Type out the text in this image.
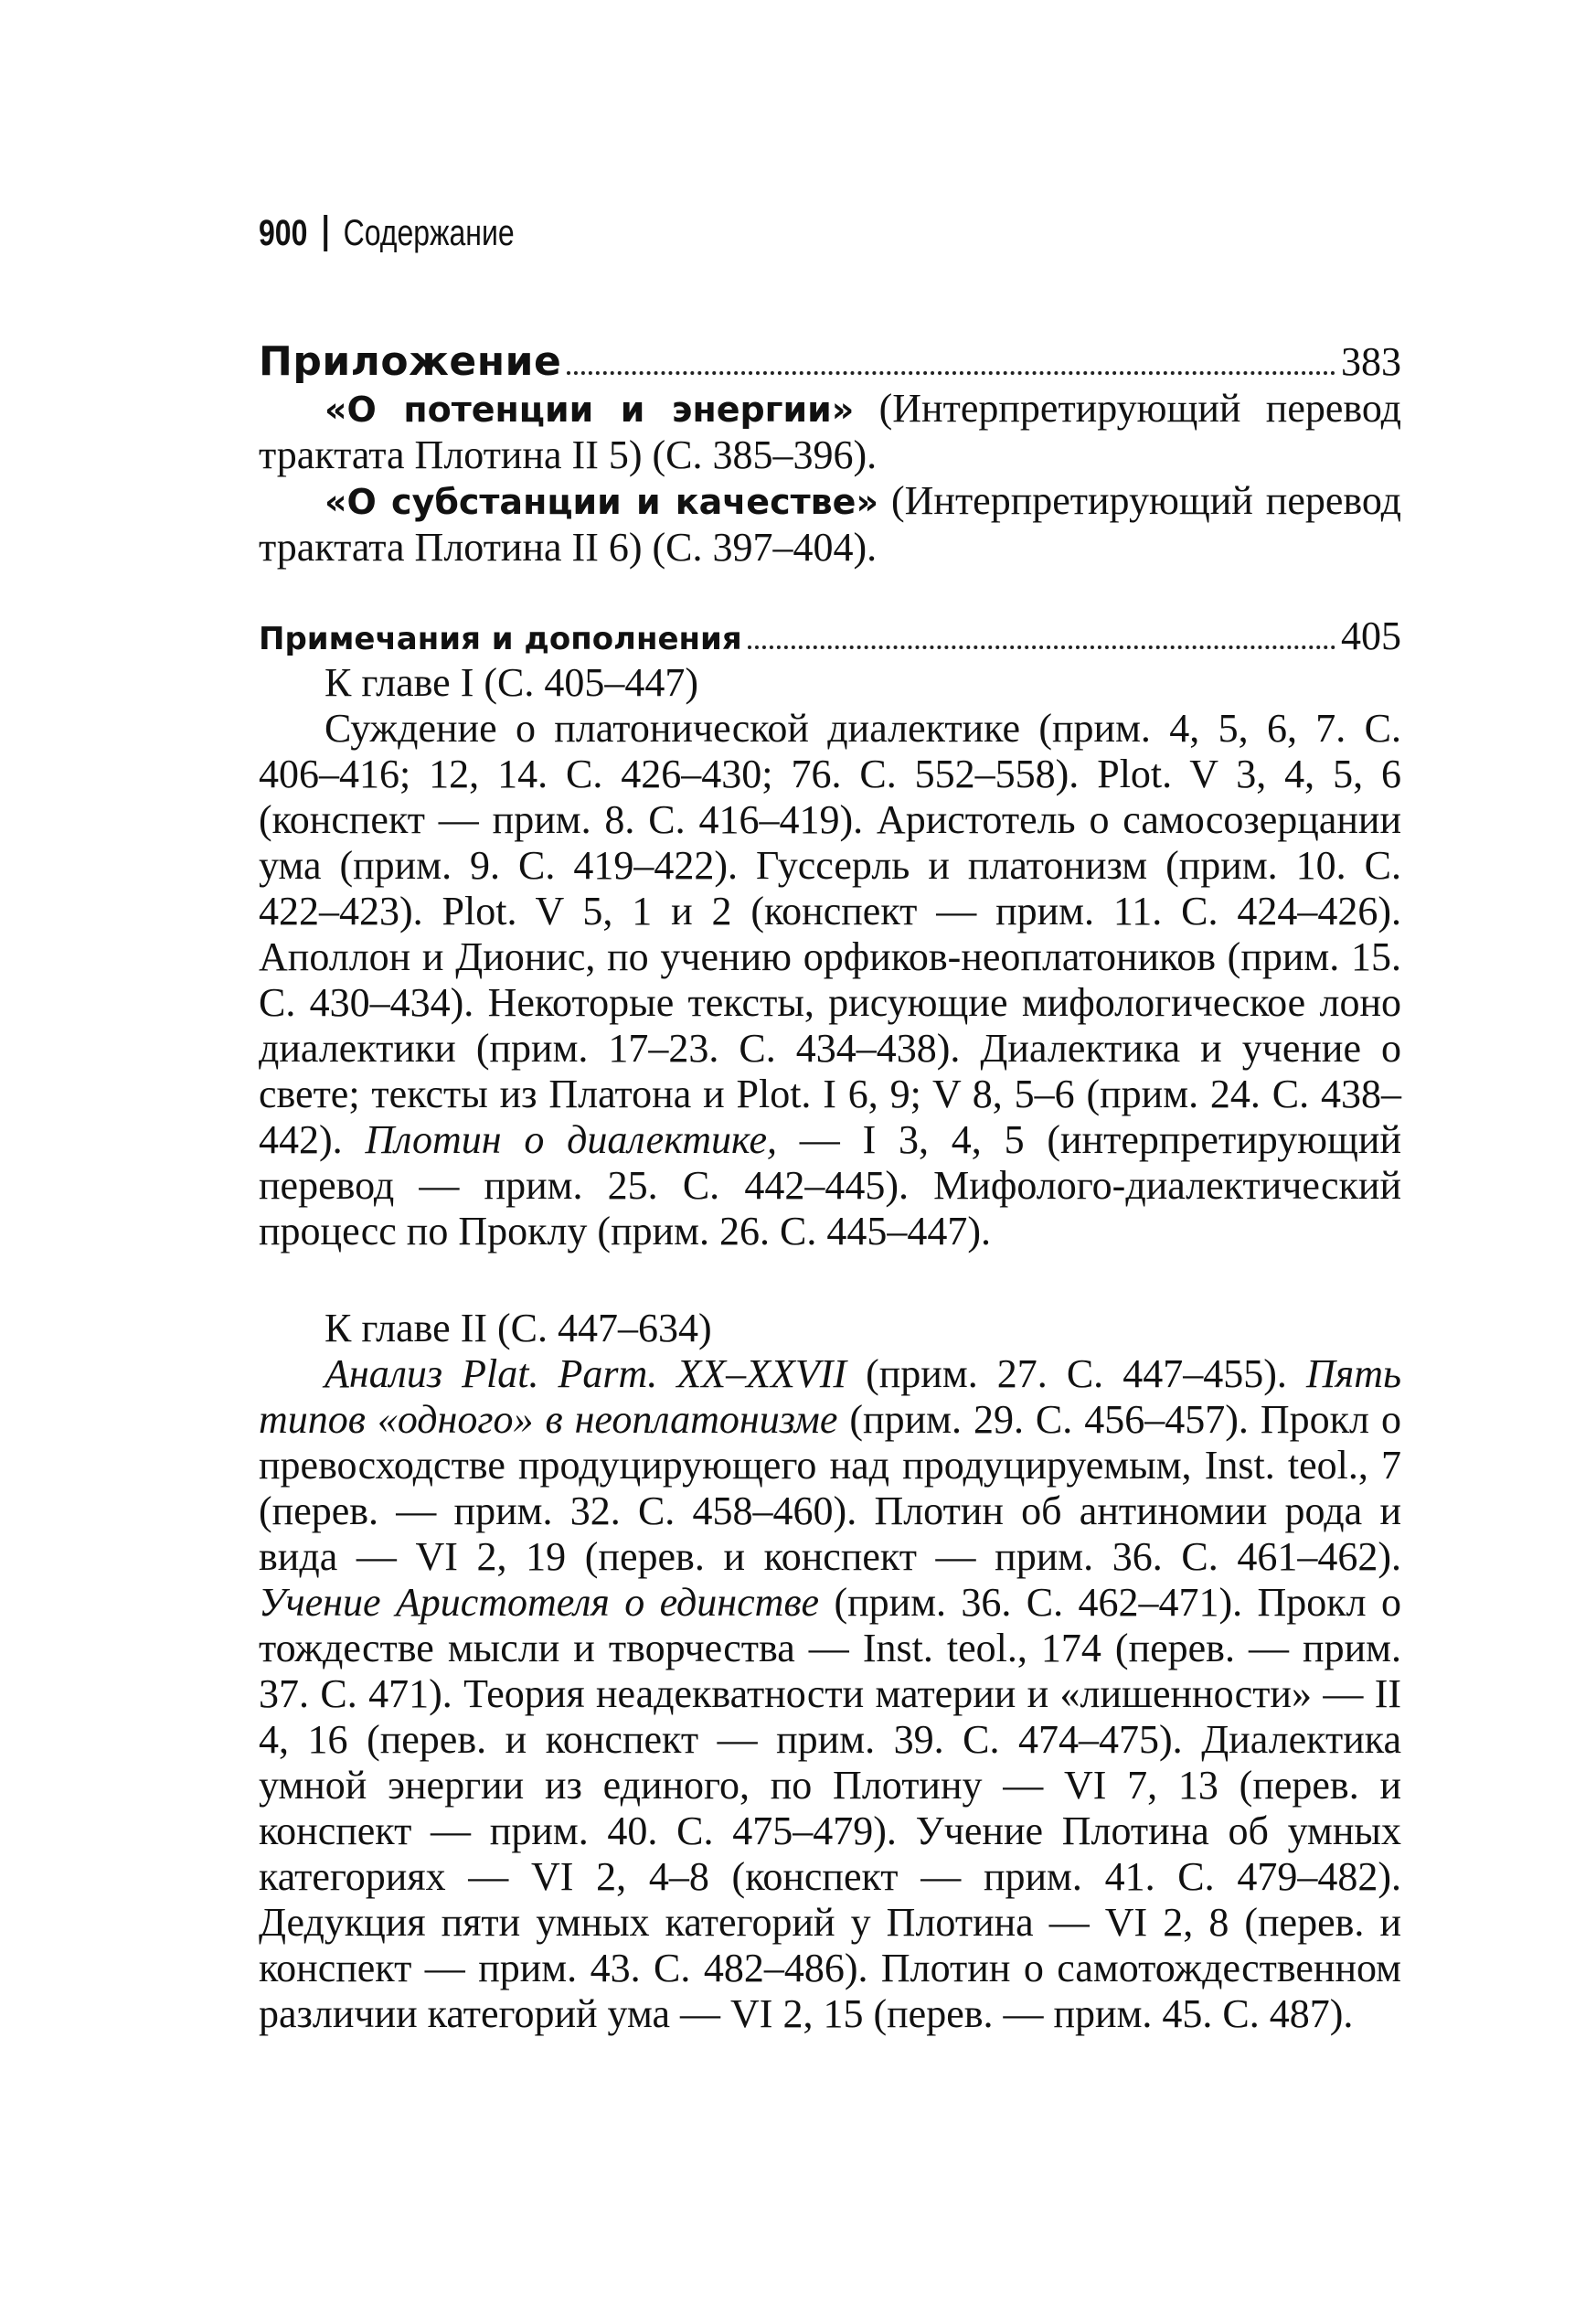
900 Содержание
Приложение	383
«О потенции и энергии» (Интерпретирующий перевод трактата Плотина II 5) (С. 385–396).
«О субстанции и качестве» (Интерпретирующий перевод трактата Плотина II 6) (С. 397–404).
Примечания и дополнения	405
К главе I (С. 405–447)
Суждение о платонической диалектике (прим. 4, 5, 6, 7. С. 406–416; 12, 14. С. 426–430; 76. С. 552–558). Plot. V 3, 4, 5, 6 (конспект — прим. 8. С. 416–419). Аристотель о самосозерцании ума (прим. 9. С. 419–422). Гуссерль и платонизм (прим. 10. С. 422–423). Plot. V 5, 1 и 2 (конспект — прим. 11. С. 424–426). Аполлон и Дионис, по учению орфиков-неоплатоников (прим. 15. С. 430–434). Некоторые тексты, рисующие мифологическое лоно диалектики (прим. 17–23. С. 434–438). Диалектика и учение о свете; тексты из Платона и Plot. I 6, 9; V 8, 5–6 (прим. 24. С. 438–442). Плотин о диалектике, — I 3, 4, 5 (интерпретирующий перевод — прим. 25. С. 442–445). Мифолого-диалектический процесс по Проклу (прим. 26. С. 445–447).
К главе II (С. 447–634)
Анализ Plat. Parm. XX–XXVII (прим. 27. С. 447–455). Пять типов «одного» в неоплатонизме (прим. 29. С. 456–457). Прокл о превосходстве продуцирующего над продуцируемым, Inst. teol., 7 (перев. — прим. 32. С. 458–460). Плотин об антиномии рода и вида — VI 2, 19 (перев. и конспект — прим. 36. С. 461–462). Учение Аристотеля о единстве (прим. 36. С. 462–471). Прокл о тождестве мысли и творчества — Inst. teol., 174 (перев. — прим. 37. С. 471). Теория неадекватности материи и «лишенности» — II 4, 16 (перев. и конспект — прим. 39. С. 474–475). Диалектика умной энергии из единого, по Плотину — VI 7, 13 (перев. и конспект — прим. 40. С. 475–479). Учение Плотина об умных категориях — VI 2, 4–8 (конспект — прим. 41. С. 479–482). Дедукция пяти умных категорий у Плотина — VI 2, 8 (перев. и конспект — прим. 43. С. 482–486). Плотин о самотождественном различии категорий ума — VI 2, 15 (перев. — прим. 45. С. 487).
